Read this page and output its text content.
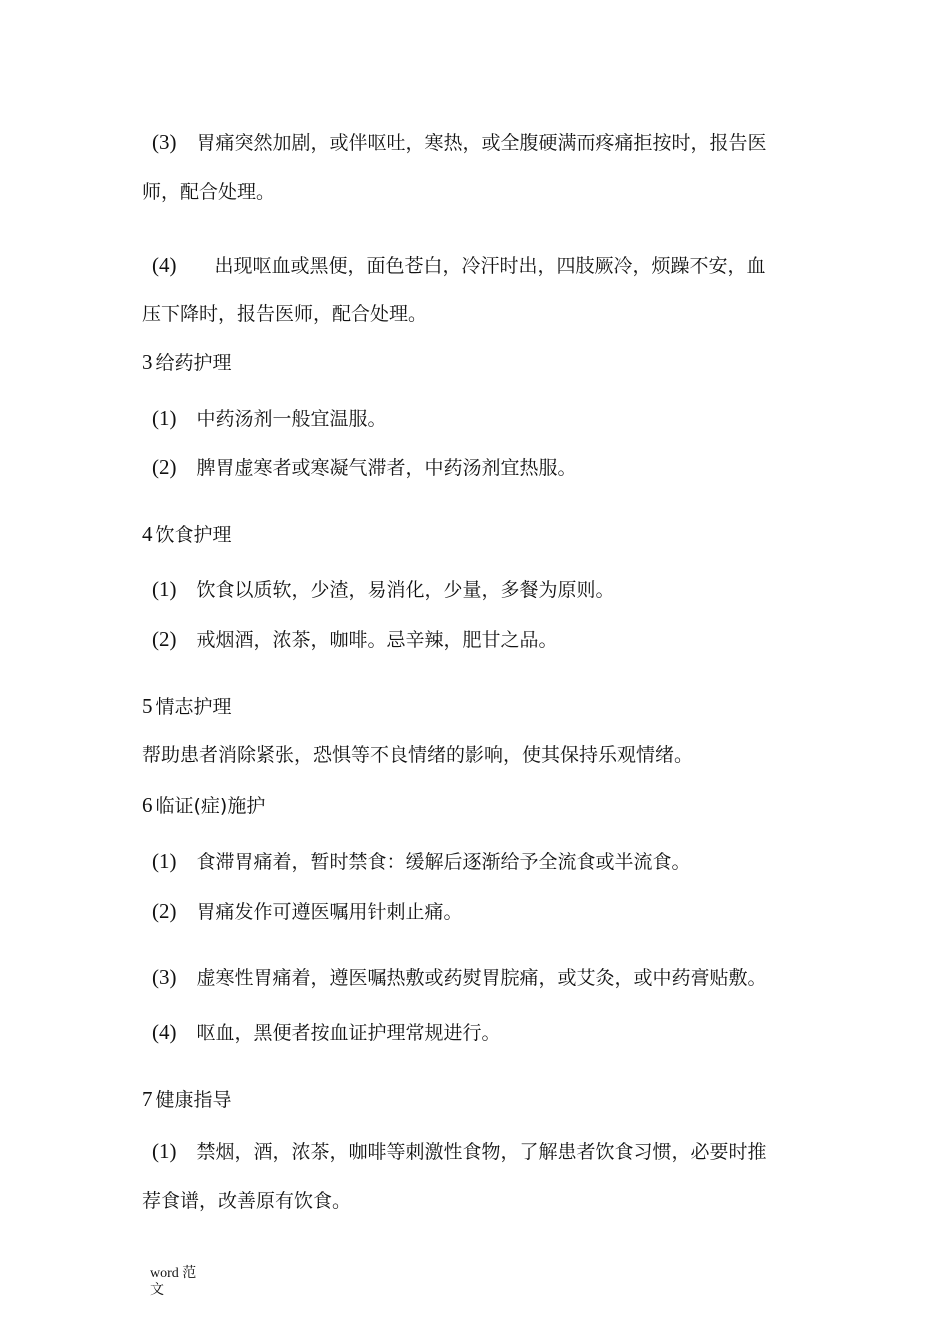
(3) 胃痛突然加剧，或伴呕吐，寒热，或全腹硬满而疼痛拒按时，报告医
师，配合处理。
(4) 出现呕血或黑便，面色苍白，冷汗时出，四肢厥冷，烦躁不安，血
压下降时，报告医师，配合处理。
3 给药护理
(1) 中药汤剂一般宜温服。
(2) 脾胃虚寒者或寒凝气滞者，中药汤剂宜热服。
4 饮食护理
(1) 饮食以质软，少渣，易消化，少量，多餐为原则。
(2) 戒烟酒，浓茶，咖啡。忌辛辣，肥甘之品。
5 情志护理
帮助患者消除紧张，恐惧等不良情绪的影响，使其保持乐观情绪。
6 临证(症)施护
(1) 食滞胃痛着，暂时禁食：缓解后逐渐给予全流食或半流食。
(2) 胃痛发作可遵医嘱用针刺止痛。
(3) 虚寒性胃痛着，遵医嘱热敷或药熨胃脘痛，或艾灸，或中药膏贴敷。
(4) 呕血，黑便者按血证护理常规进行。
7 健康指导
(1) 禁烟，酒，浓茶，咖啡等刺激性食物，了解患者饮食习惯，必要时推
荐食谱，改善原有饮食。
word 范文
